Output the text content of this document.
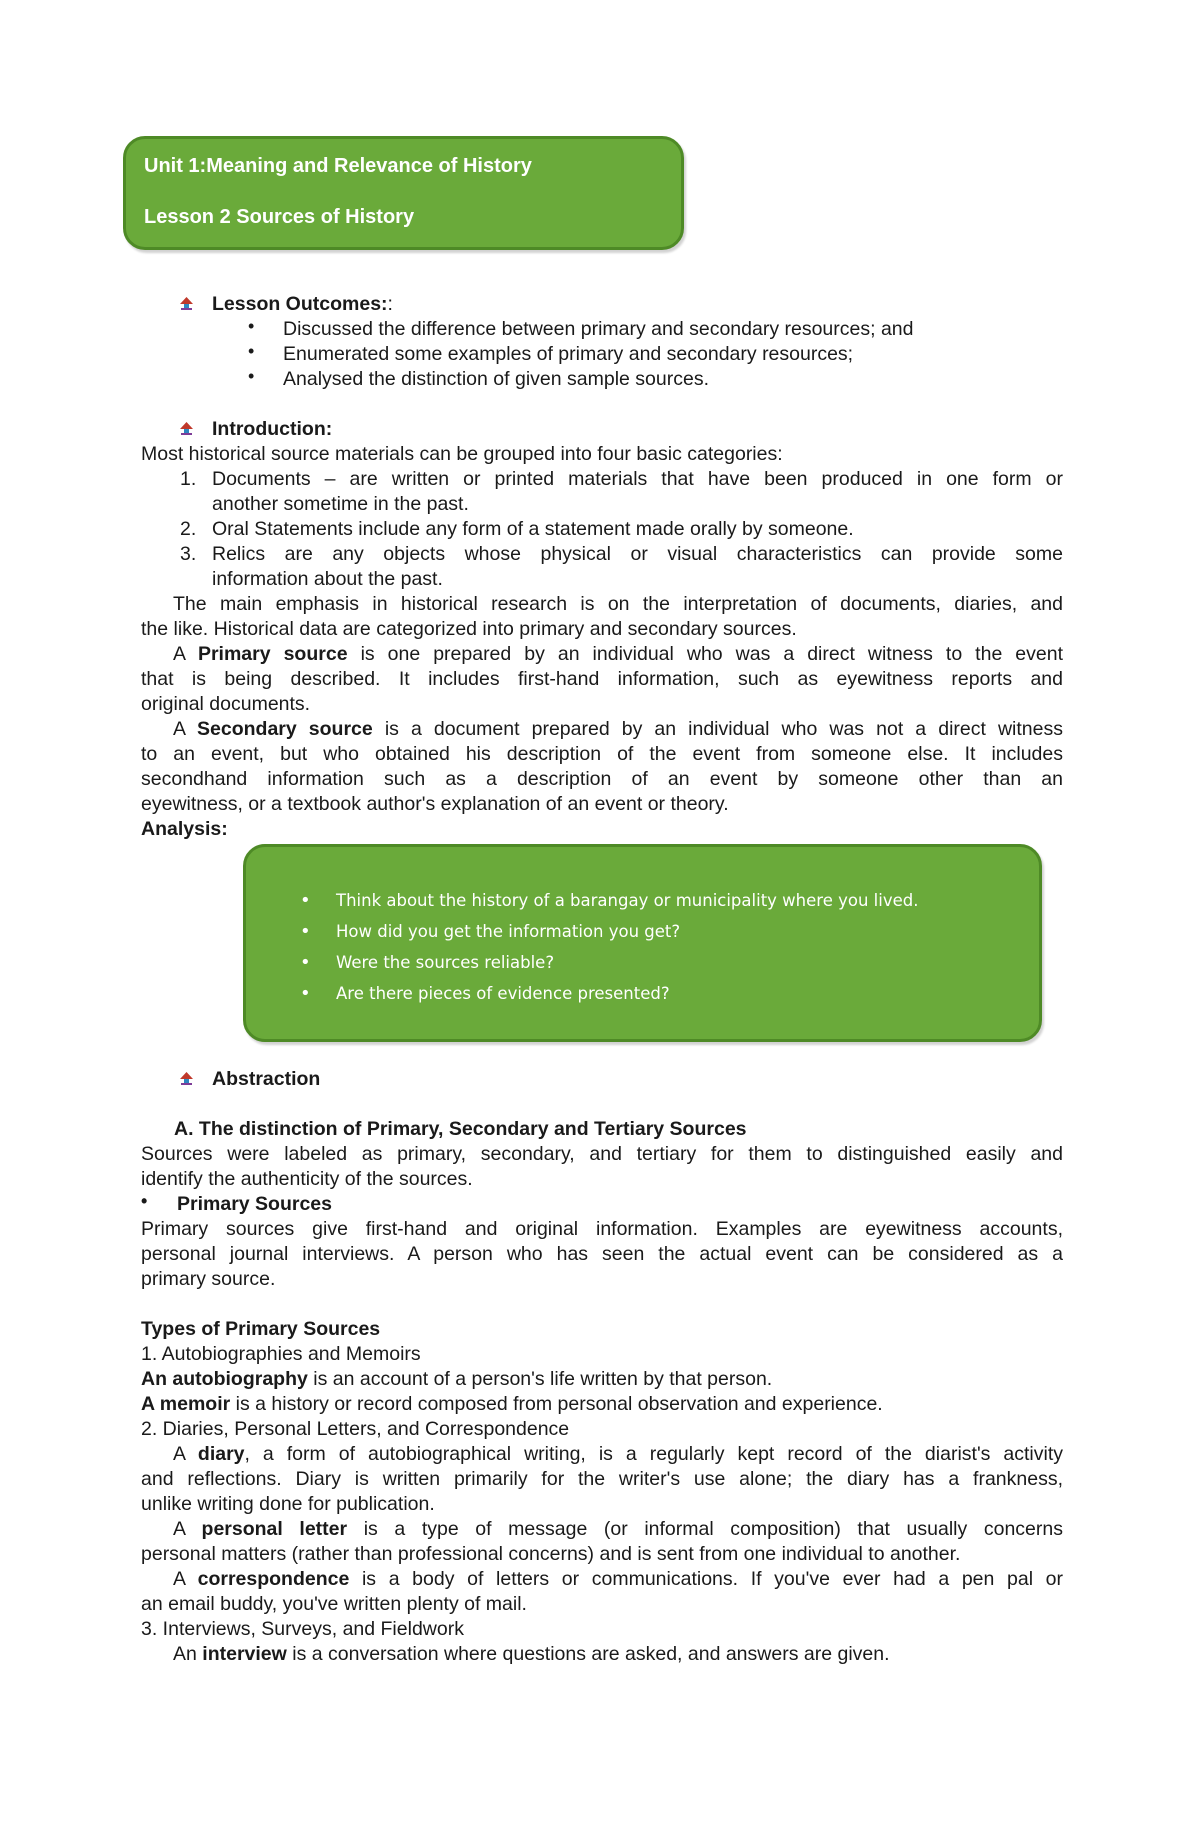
Unit 1:Meaning and Relevance of History
Lesson 2 Sources of History
Lesson Outcomes::
• Discussed the difference between primary and secondary resources; and
• Enumerated some examples of primary and secondary resources;
• Analysed the distinction of given sample sources.
Introduction:
Most historical source materials can be grouped into four basic categories:
1. Documents – are written or printed materials that have been produced in one form or
another sometime in the past.
2. Oral Statements include any form of a statement made orally by someone.
3. Relics are any objects whose physical or visual characteristics can provide some
information about the past.
The main emphasis in historical research is on the interpretation of documents, diaries, and
the like. Historical data are categorized into primary and secondary sources.
A Primary source is one prepared by an individual who was a direct witness to the event
that is being described. It includes first-hand information, such as eyewitness reports and
original documents.
A Secondary source is a document prepared by an individual who was not a direct witness
to an event, but who obtained his description of the event from someone else. It includes
secondhand information such as a description of an event by someone other than an
eyewitness, or a textbook author's explanation of an event or theory.
Analysis:
• Think about the history of a barangay or municipality where you lived.
• How did you get the information you get?
• Were the sources reliable?
• Are there pieces of evidence presented?
Abstraction
A. The distinction of Primary, Secondary and Tertiary Sources
Sources were labeled as primary, secondary, and tertiary for them to distinguished easily and
identify the authenticity of the sources.
• Primary Sources
Primary sources give first-hand and original information. Examples are eyewitness accounts,
personal journal interviews. A person who has seen the actual event can be considered as a
primary source.
Types of Primary Sources
1. Autobiographies and Memoirs
An autobiography is an account of a person's life written by that person.
A memoir is a history or record composed from personal observation and experience.
2. Diaries, Personal Letters, and Correspondence
A diary, a form of autobiographical writing, is a regularly kept record of the diarist's activity
and reflections. Diary is written primarily for the writer's use alone; the diary has a frankness,
unlike writing done for publication.
A personal letter is a type of message (or informal composition) that usually concerns
personal matters (rather than professional concerns) and is sent from one individual to another.
A correspondence is a body of letters or communications. If you've ever had a pen pal or
an email buddy, you've written plenty of mail.
3. Interviews, Surveys, and Fieldwork
An interview is a conversation where questions are asked, and answers are given.
